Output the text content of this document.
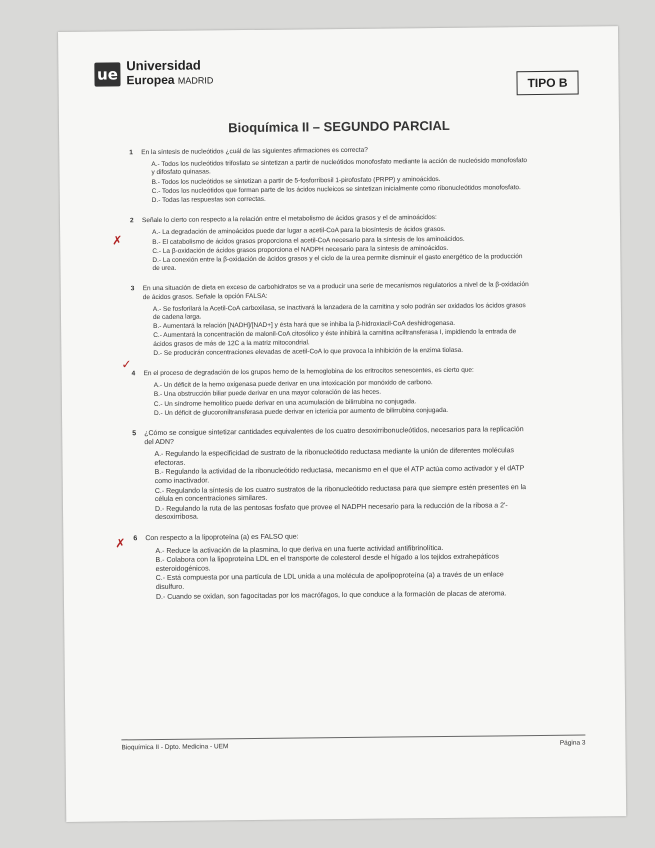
ue Universidad
Europea MADRID	TIPO B
Bioquímica II – SEGUNDO PARCIAL
1	En la síntesis de nucleótidos ¿cuál de las siguientes afirmaciones es correcta?
A.- Todos los nucleótidos trifosfato se sintetizan a partir de nucleótidos monofosfato mediante la acción de nucleósido monofosfato y difosfato quinasas.
B.- Todos los nucleótidos se sintetizan a partir de 5-fosforribosil 1-pirofosfato (PRPP) y aminoácidos.
C.- Todos los nucleótidos que forman parte de los ácidos nucleicos se sintetizan inicialmente como ribonucleótidos monofosfato.
D.- Todas las respuestas son correctas.
2	Señale lo cierto con respecto a la relación entre el metabolismo de ácidos grasos y el de aminoácidos:
A.- La degradación de aminoácidos puede dar lugar a acetil-CoA para la biosíntesis de ácidos grasos.
B.- El catabolismo de ácidos grasos proporciona el acetil-CoA necesario para la síntesis de los aminoácidos.
C.- La β-oxidación de ácidos grasos proporciona el NADPH necesario para la síntesis de aminoácidos.
D.- La conexión entre la β-oxidación de ácidos grasos y el ciclo de la urea permite disminuir el gasto energético de la producción de urea.
3	En una situación de dieta en exceso de carbohidratos se va a producir una serie de mecanismos regulatorios a nivel de la β-oxidación de ácidos grasos. Señale la opción FALSA:
A.- Se fosforilará la Acetil-CoA carboxilasa, se inactivará la lanzadera de la carnitina y solo podrán ser oxidados los ácidos grasos de cadena larga.
B.- Aumentará la relación [NADH]/[NAD+] y ésta hará que se inhiba la β-hidroxiacil-CoA deshidrogenasa.
C.- Aumentará la concentración de malonil-CoA citosólico y éste inhibirá la carnitina aciltransferasa I, impidiendo la entrada de ácidos grasos de más de 12C a la matriz mitocondrial.
D.- Se producirán concentraciones elevadas de acetil-CoA lo que provoca la inhibición de la enzima tiolasa.
4	En el proceso de degradación de los grupos hemo de la hemoglobina de los eritrocitos senescentes, es cierto que:
A.- Un déficit de la hemo oxigenasa puede derivar en una intoxicación por monóxido de carbono.
B.- Una obstrucción biliar puede derivar en una mayor coloración de las heces.
C.- Un síndrome hemolítico puede derivar en una acumulación de bilirrubina no conjugada.
D.- Un déficit de glucoroniltransferasa puede derivar en ictericia por aumento de bilirrubina conjugada.
5	¿Cómo se consigue sintetizar cantidades equivalentes de los cuatro desoxirribonucleótidos, necesarios para la replicación del ADN?
A.- Regulando la especificidad de sustrato de la ribonucleótido reductasa mediante la unión de diferentes moléculas efectoras.
B.- Regulando la actividad de la ribonucleótido reductasa, mecanismo en el que el ATP actúa como activador y el dATP como inactivador.
C.- Regulando la síntesis de los cuatro sustratos de la ribonucleótido reductasa para que siempre estén presentes en la célula en concentraciones similares.
D.- Regulando la ruta de las pentosas fosfato que provee el NADPH necesario para la reducción de la ribosa a 2'-desoxirribosa.
6	Con respecto a la lipoproteína (a) es FALSO que:
A.- Reduce la activación de la plasmina, lo que deriva en una fuerte actividad antifibrinolítica.
B.- Colabora con la lipoproteína LDL en el transporte de colesterol desde el hígado a los tejidos extrahepáticos esteroidogénicos.
C.- Está compuesta por una partícula de LDL unida a una molécula de apolipoproteína (a) a través de un enlace disulfuro.
D.- Cuando se oxidan, son fagocitadas por los macrófagos, lo que conduce a la formación de placas de ateroma.
✗
✗
✓
Bioquímica II - Dpto. Medicina - UEM
Página 3
